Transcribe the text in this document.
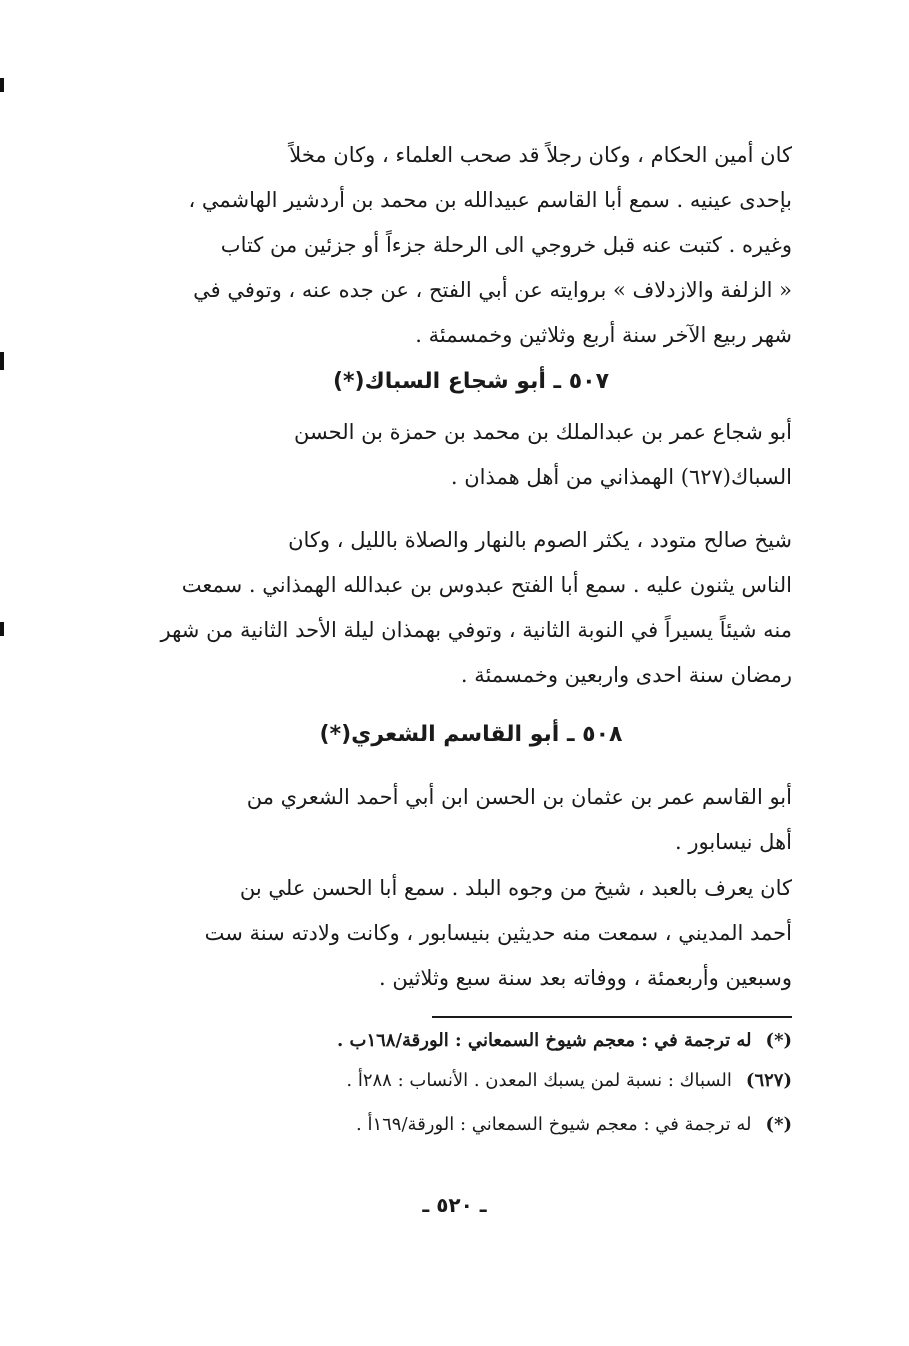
كان أمين الحكام ، وكان رجلاً قد صحب العلماء ، وكان مخلاً
بإحدى عينيه . سمع أبا القاسم عبيدالله بن محمد بن أردشير الهاشمي ،
وغيره . كتبت عنه قبل خروجي الى الرحلة جزءاً أو جزئين من كتاب
« الزلفة والازدلاف » بروايته عن أبي الفتح ، عن جده عنه ، وتوفي في
شهر ربيع الآخر سنة أربع وثلاثين وخمسمئة .
٥٠٧ ـ أبو شجاع السباك(*)
أبو شجاع عمر بن عبدالملك بن محمد بن حمزة بن الحسن
السباك(٦٢٧) الهمذاني من أهل همذان .
شيخ صالح متودد ، يكثر الصوم بالنهار والصلاة بالليل ، وكان
الناس يثنون عليه . سمع أبا الفتح عبدوس بن عبدالله الهمذاني . سمعت
منه شيئاً يسيراً في النوبة الثانية ، وتوفي بهمذان ليلة الأحد الثانية من شهر
رمضان سنة احدى واربعين وخمسمئة .
٥٠٨ ـ أبو القاسم الشعري(*)
أبو القاسم عمر بن عثمان بن الحسن ابن أبي أحمد الشعري من
أهل نيسابور .
كان يعرف بالعبد ، شيخ من وجوه البلد . سمع أبا الحسن علي بن
أحمد المديني ، سمعت منه حديثين بنيسابور ، وكانت ولادته سنة ست
وسبعين وأربعمئة ، ووفاته بعد سنة سبع وثلاثين .

(*)له ترجمة في : معجم شيوخ السمعاني : الورقة/١٦٨ب .

(٦٢٧)السباك : نسبة لمن يسبك المعدن . الأنساب : ٢٨٨أ .

(*)له ترجمة في : معجم شيوخ السمعاني : الورقة/١٦٩أ .

ـ ٥٢٠ ـ
